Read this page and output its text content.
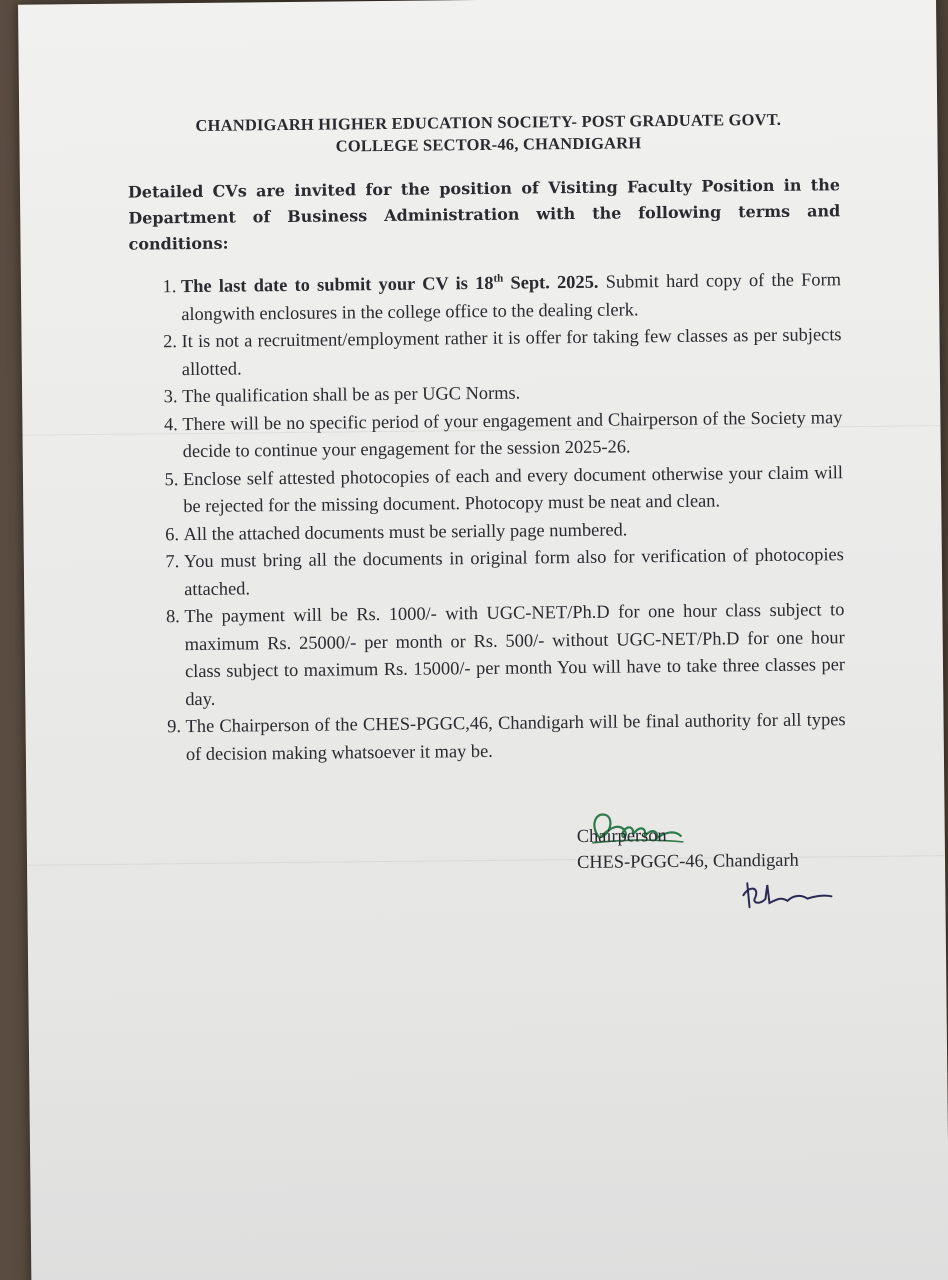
CHANDIGARH HIGHER EDUCATION SOCIETY- POST GRADUATE GOVT.
COLLEGE SECTOR-46, CHANDIGARH
Detailed CVs are invited for the position of Visiting Faculty Position in the Department of Business Administration with the following terms and conditions:
1. The last date to submit your CV is 18th Sept. 2025. Submit hard copy of the Form alongwith enclosures in the college office to the dealing clerk.
2. It is not a recruitment/employment rather it is offer for taking few classes as per subjects allotted.
3. The qualification shall be as per UGC Norms.
4. There will be no specific period of your engagement and Chairperson of the Society may decide to continue your engagement for the session 2025-26.
5. Enclose self attested photocopies of each and every document otherwise your claim will be rejected for the missing document. Photocopy must be neat and clean.
6. All the attached documents must be serially page numbered.
7. You must bring all the documents in original form also for verification of photocopies attached.
8. The payment will be Rs. 1000/- with UGC-NET/Ph.D for one hour class subject to maximum Rs. 25000/- per month or Rs. 500/- without UGC-NET/Ph.D for one hour class subject to maximum Rs. 15000/- per month You will have to take three classes per day.
9. The Chairperson of the CHES-PGGC,46, Chandigarh will be final authority for all types of decision making whatsoever it may be.
Chairperson
CHES-PGGC-46, Chandigarh
